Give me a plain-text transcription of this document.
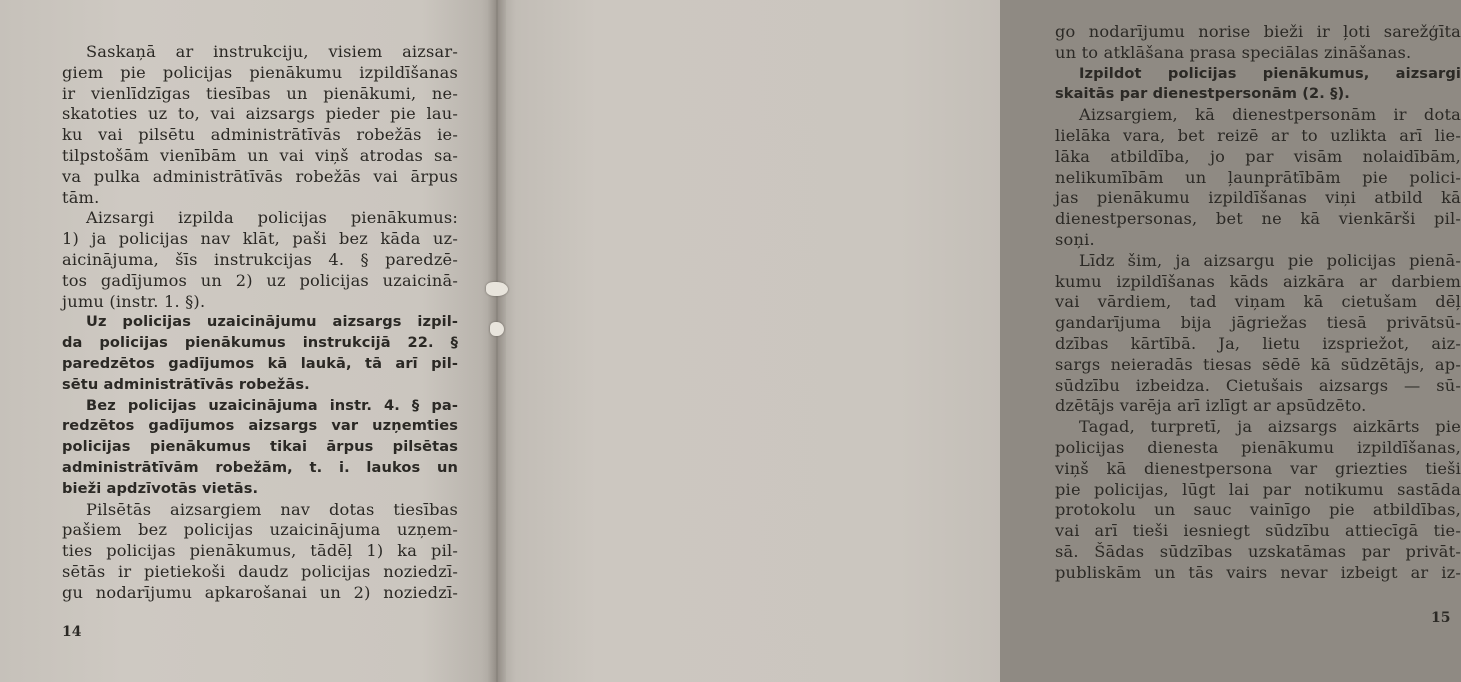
Saskaņā ar instrukciju, visiem aizsar-
giem pie policijas pienākumu izpildīšanas
ir vienlīdzīgas tiesības un pienākumi, ne-
skatoties uz to, vai aizsargs pieder pie lau-
ku vai pilsētu administrātīvās robežās ie-
tilpstošām vienībām un vai viņš atrodas sa-
va pulka administrātīvās robežās vai ārpus
tām.
Aizsargi izpilda policijas pienākumus:
1) ja policijas nav klāt, paši bez kāda uz-
aicinājuma, šīs instrukcijas 4. § paredzē-
tos gadījumos un 2) uz policijas uzaicinā-
jumu (instr. 1. §).
Uz policijas uzaicinājumu aizsargs izpil-
da policijas pienākumus instrukcijā 22. §
paredzētos gadījumos kā laukā, tā arī pil-
sētu administrātīvās robežās.
Bez policijas uzaicinājuma instr. 4. § pa-
redzētos gadījumos aizsargs var uzņemties
policijas pienākumus tikai ārpus pilsētas
administrātīvām robežām, t. i. laukos un
bieži apdzīvotās vietās.
Pilsētās aizsargiem nav dotas tiesības
pašiem bez policijas uzaicinājuma uzņem-
ties policijas pienākumus, tādēļ 1) ka pil-
sētās ir pietiekoši daudz policijas noziedzī-
gu nodarījumu apkarošanai un 2) noziedzī-
14
go nodarījumu norise bieži ir ļoti sarežģīta
un to atklāšana prasa speciālas zināšanas.
Izpildot policijas pienākumus, aizsargi
skaitās par dienestpersonām (2. §).
Aizsargiem, kā dienestpersonām ir dota
lielāka vara, bet reizē ar to uzlikta arī lie-
lāka atbildība, jo par visām nolaidībām,
nelikumībām un ļaunprātībām pie polici-
jas pienākumu izpildīšanas viņi atbild kā
dienestpersonas, bet ne kā vienkārši pil-
soņi.
Līdz šim, ja aizsargu pie policijas pienā-
kumu izpildīšanas kāds aizkāra ar darbiem
vai vārdiem, tad viņam kā cietušam dēļ
gandarījuma bija jāgriežas tiesā privātsū-
dzības kārtībā. Ja, lietu izspriežot, aiz-
sargs neieradās tiesas sēdē kā sūdzētājs, ap-
sūdzību izbeidza. Cietušais aizsargs — sū-
dzētājs varēja arī izlīgt ar apsūdzēto.
Tagad, turpretī, ja aizsargs aizkārts pie
policijas dienesta pienākumu izpildīšanas,
viņš kā dienestpersona var griezties tieši
pie policijas, lūgt lai par notikumu sastāda
protokolu un sauc vainīgo pie atbildības,
vai arī tieši iesniegt sūdzību attiecīgā tie-
sā. Šādas sūdzības uzskatāmas par privāt-
publiskām un tās vairs nevar izbeigt ar iz-
15
